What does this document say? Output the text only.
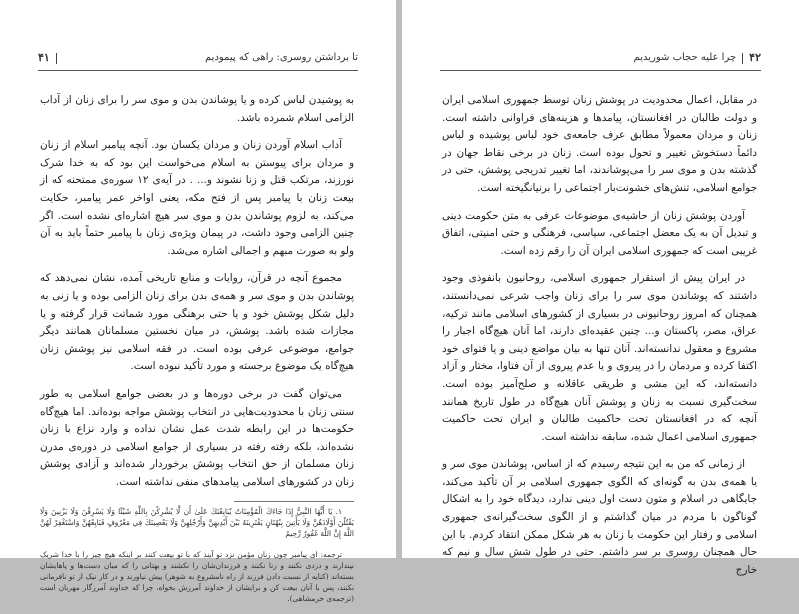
۴۱	تا برداشتن روسری: راهی که پیمودیم

به پوشیدن لباس کرده و یا پوشاندن بدن و موی سر را برای زنان از آداب الزامی اسلام شمرده باشد.

آداب اسلام آوردن زنان و مردان یکسان بود. آنچه پیامبر اسلام از زنان و مردان برای پیوستن به اسلام می‌خواست این بود که به خدا شرک نورزند، مرتکب قتل و زنا نشوند و... . در آیه‌ی ۱۲ سوره‌ی ممتحنه که از بیعت زنان با پیامبر پس از فتح مکه، یعنی اواخر عمر پیامبر، حکایت می‌کند، به لزوم پوشاندن بدن و موی سر هیچ اشاره‌ای نشده است. اگر چنین الزامی وجود داشت، در پیمان ویژه‌ی زنان با پیامبر حتماً باید به آن ولو به صورت مبهم و اجمالی اشاره می‌شد.

مجموع آنچه در قرآن، روایات و منابع تاریخی آمده، نشان نمی‌دهد که پوشاندن بدن و موی سر و همه‌ی بدن برای زنان الزامی بوده و یا زنی به دلیل شکل پوشش خود و یا حتی برهنگی مورد شماتت قرار گرفته و یا مجازات شده باشد. پوشش، در میان نخستین مسلمانان همانند دیگر جوامع، موضوعی عرفی بوده است. در فقه اسلامی نیز پوشش زنان هیچ‌گاه یک موضوع برجسته و مورد تأکید نبوده است.

می‌توان گفت در برخی دوره‌ها و در بعضی جوامع اسلامی به طور سنتی زنان با محدودیت‌هایی در انتخاب پوشش مواجه بوده‌اند. اما هیچ‌گاه حکومت‌ها در این رابطه شدت عمل نشان نداده و وارد نزاع با زنان نشده‌اند، بلکه رفته رفته در بسیاری از جوامع اسلامی در دوره‌ی مدرن زنان مسلمان از حق انتخاب پوشش برخوردار شده‌اند و آزادی پوشش زنان در کشورهای اسلامی پیامدهای منفی نداشته است.

۱. يَا أَيُّهَا النَّبِيُّ إِذَا جَاءَكَ الْمُؤْمِنَاتُ يُبَايِعْنَكَ عَلَىٰ أَن لَّا يُشْرِكْنَ بِاللَّهِ شَيْئًا وَلَا يَسْرِقْنَ وَلَا يَزْنِينَ وَلَا يَقْتُلْنَ أَوْلَادَهُنَّ وَلَا يَأْتِينَ بِبُهْتَانٍ يَفْتَرِينَهُ بَيْنَ أَيْدِيهِنَّ وَأَرْجُلِهِنَّ وَلَا يَعْصِينَكَ فِي مَعْرُوفٍ فَبَايِعْهُنَّ وَاسْتَغْفِرْ لَهُنَّ اللَّهَ إِنَّ اللَّهَ غَفُورٌ رَّحِيمٌ

ترجمه: ای پیامبر چون زنان مؤمن نزد تو آیند که با تو بیعت کنند بر اینکه هیچ چیز را با خدا شریک نپندارند و دزدی نکنند و زنا نکنند و فرزندان‌شان را نکشند و بهتانی را که میان دست‌ها و پاهایشان بسته‌اند (کنایه از نسبت دادن فرزند از راه نامشروع به شوهر) پیش نیاورند و در کار نیک از تو نافرمانی نکنند، پس با آنان بیعت کن و برایشان از خداوند آمرزش بخواه، چرا که خداوند آمرزگار مهربان است (ترجمه‌ی خرمشاهی).

۴۲
چرا علیه حجاب شوریدیم

در مقابل، اعمال محدودیت در پوشش زنان توسط جمهوری اسلامی ایران و دولت طالبان در افغانستان، پیامدها و هزینه‌های فراوانی داشته است. زنان و مردان معمولاً مطابق عرف جامعه‌ی خود لباس پوشیده و لباس دائماً دستخوش تغییر و تحول بوده است. زنان در برخی نقاط جهان در گذشته بدن و موی سر را می‌پوشاندند، اما تغییر تدریجی پوشش، حتی در جوامع اسلامی، تنش‌های خشونت‌بار اجتماعی را برنیانگیخته است.

آوردن پوشش زنان از حاشیه‌ی موضوعات عرفی به متن حکومت دینی و تبدیل آن به یک معضل اجتماعی، سیاسی، فرهنگی و حتی امنیتی، اتفاق غریبی است که جمهوری اسلامی ایران آن را رقم زده است.

در ایران پیش از استقرار جمهوری اسلامی، روحانیون بانفوذی وجود داشتند که پوشاندن موی سر را برای زنان واجب شرعی نمی‌دانستند، همچنان که امروز روحانیونی در بسیاری از کشورهای اسلامی مانند ترکیه، عراق، مصر، پاکستان و... چنین عقیده‌ای دارند، اما آنان هیچ‌گاه اجبار را مشروع و معقول ندانسته‌اند. آنان تنها به بیان مواضع دینی و یا فتوای خود اکتفا کرده و مردمان را در پیروی و یا عدم پیروی از آن فتاوا، مختار و آزاد دانسته‌اند، که این مشی و طریقی عاقلانه و صلح‌آمیز بوده است. سخت‌گیری نسبت به زنان و پوشش آنان هیچ‌گاه در طول تاریخ همانند آنچه که در افغانستان تحت حاکمیت طالبان و ایران تحت حاکمیت جمهوری اسلامی اعمال شده، سابقه نداشته است.

از زمانی که من به این نتیجه رسیدم که از اساس، پوشاندن موی سر و یا همه‌ی بدن به گونه‌ای که الگوی جمهوری اسلامی بر آن تأکید می‌کند، جایگاهی در اسلام و متون دست اول دینی ندارد، دیدگاه خود را به اشکال گوناگون با مردم در میان گذاشتم و از الگوی سخت‌گیرانه‌ی جمهوری اسلامی و رفتار این حکومت با زنان به هر شکل ممکن انتقاد کردم. با این حال همچنان روسری بر سر داشتم. حتی در طول شش سال و نیم که خارج
